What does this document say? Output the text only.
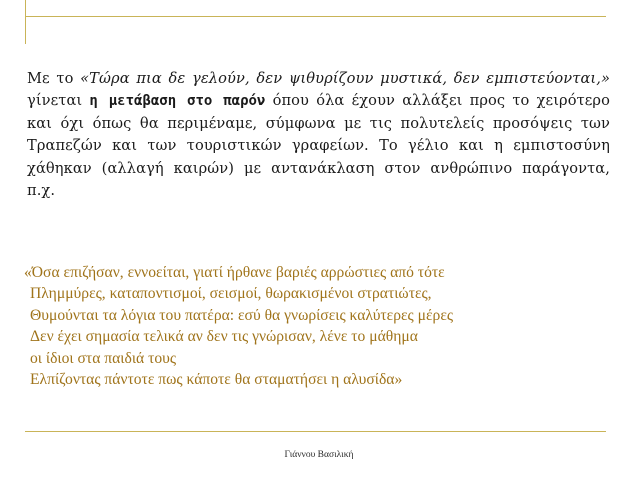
Με το «Τώρα πια δε γελούν, δεν ψιθυρίζουν μυστικά, δεν εμπιστεύονται,» γίνεται η μετάβαση στο παρόν όπου όλα έχουν αλλάξει προς το χειρότερο και όχι όπως θα περιμέναμε, σύμφωνα με τις πολυτελείς προσόψεις των Τραπεζών και των τουριστικών γραφείων. Το γέλιο και η εμπιστοσύνη χάθηκαν (αλλαγή καιρών) με αντανάκλαση στον ανθρώπινο παράγοντα, π.χ.
«Όσα επιζήσαν, εννοείται, γιατί ήρθανε βαριές αρρώστιες από τότε
Πλημμύρες, καταποντισμοί, σεισμοί, θωρακισμένοι στρατιώτες,
Θυμούνται τα λόγια του πατέρα: εσύ θα γνωρίσεις καλύτερες μέρες
Δεν έχει σημασία τελικά αν δεν τις γνώρισαν, λένε το μάθημα
οι ίδιοι στα παιδιά τους
Ελπίζοντας πάντοτε πως κάποτε θα σταματήσει η αλυσίδα»
Γιάννου Βασιλική
